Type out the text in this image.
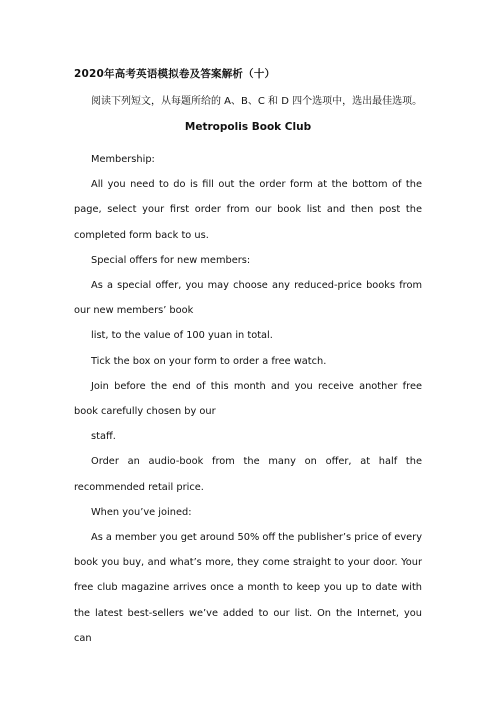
2020年高考英语模拟卷及答案解析（十）
阅读下列短文，从每题所给的 A、B、C 和 D 四个选项中，选出最佳选项。
Metropolis Book Club

Membership:

All you need to do is fill out the order form at the bottom of the page, select your first order from our book list and then post the completed form back to us.

Special offers for new members:

As a special offer, you may choose any reduced-price books from our new members’ book

list, to the value of 100 yuan in total.

Tick the box on your form to order a free watch.

Join before the end of this month and you receive another free book carefully chosen by our

staff.

Order an audio-book from the many on offer, at half the recommended retail price.

When you’ve joined:

As a member you get around 50% off the publisher’s price of every book you buy, and what’s more, they come straight to your door. Your free club magazine arrives once a month to keep you up to date with the latest best-sellers we’ve added to our list. On the Internet, you can
